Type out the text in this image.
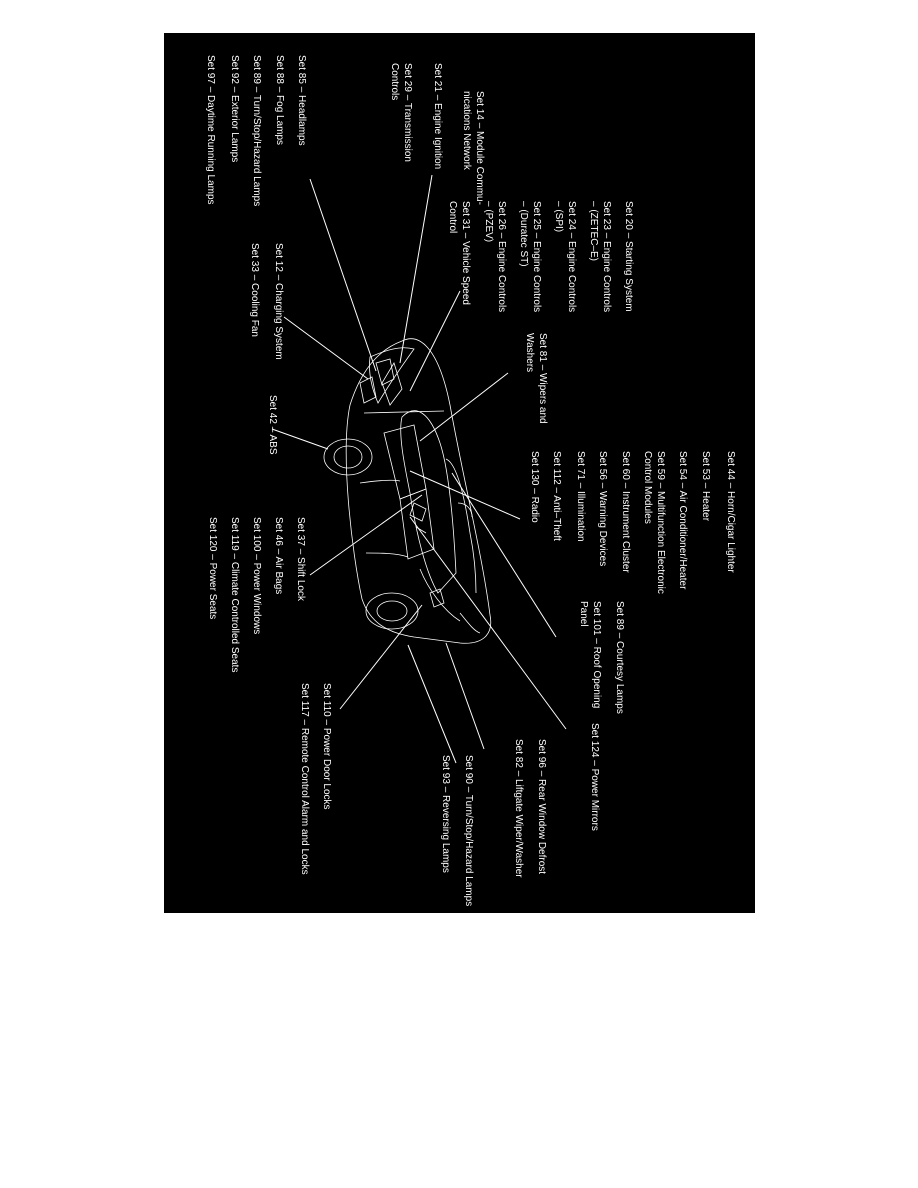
Set 14 – Module Commu-
nications Network
Set 21 – Engine Ignition
Set 29 – Transmission
Controls
Set 85 – Headlamps
Set 88 – Fog Lamps
Set 89 – Turn/Stop/Hazard Lamps
Set 92 – Exterior Lamps
Set 97 – Daytime Running Lamps
Set 20 – Starting System
Set 23 – Engine Controls
– (ZETEC–E)
Set 24 – Engine Controls
– (SPI)
Set 25 – Engine Controls
– (Duratec ST)
Set 26 – Engine Controls
– (PZEV)
Set 31 – Vehicle Speed
Control
Set 12 – Charging System
Set 33 – Cooling Fan
Set 81 – Wipers and
Washers
Set 42 – ABS
Set 44 – Horn/Cigar Lighter
Set 53 – Heater
Set 54 – Air Conditioner/Heater
Set 59 – Multifunction Electronic
Control Modules
Set 60 – Instrument Cluster
Set 56 – Warning Devices
Set 71 – Illumination
Set 112 – Anti–Theft
Set 130 – Radio
Set 37 – Shift Lock
Set 46 – Air Bags
Set 100 – Power Windows
Set 119 – Climate Controlled Seats
Set 120 – Power Seats
Set 89 – Courtesy Lamps
Set 101 – Roof Opening
Panel
Set 124 – Power Mirrors
Set 110 – Power Door Locks
Set 117 – Remote Control Alarm and Locks	Set 96 – Rear Window Defrost
Set 82 – Liftgate Wiper/Washer
Set 90 – Turn/Stop/Hazard Lamps
Set 93 – Reversing Lamps
